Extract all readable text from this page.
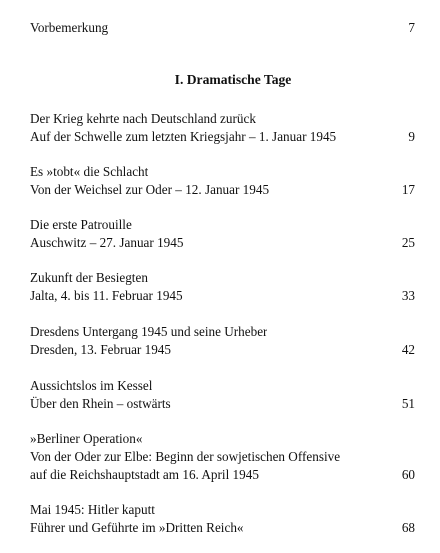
Vorbemerkung	7
I. Dramatische Tage
Der Krieg kehrte nach Deutschland zurück
Auf der Schwelle zum letzten Kriegsjahr – 1. Januar 1945	9
Es »tobt« die Schlacht
Von der Weichsel zur Oder – 12. Januar 1945	17
Die erste Patrouille
Auschwitz – 27. Januar 1945	25
Zukunft der Besiegten
Jalta, 4. bis 11. Februar 1945	33
Dresdens Untergang 1945 und seine Urheber
Dresden, 13. Februar 1945	42
Aussichtslos im Kessel
Über den Rhein – ostwärts	51
»Berliner Operation«
Von der Oder zur Elbe: Beginn der sowjetischen Offensive
auf die Reichshauptstadt am 16. April 1945	60
Mai 1945: Hitler kaputt
Führer und Geführte im »Dritten Reich«	68
